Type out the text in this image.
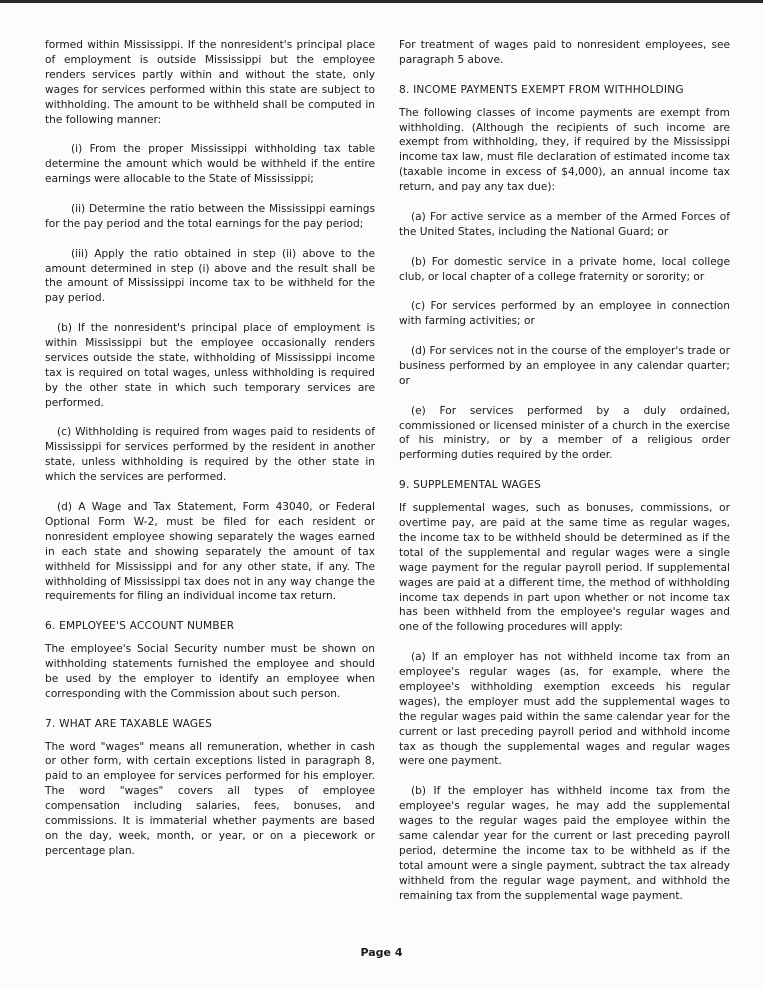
formed within Mississippi. If the nonresident's principal place of employment is outside Mississippi but the employee renders services partly within and without the state, only wages for services performed within this state are subject to withholding. The amount to be withheld shall be computed in the following manner:

(i) From the proper Mississippi withholding tax table determine the amount which would be withheld if the entire earnings were allocable to the State of Mississippi;

(ii) Determine the ratio between the Mississippi earnings for the pay period and the total earnings for the pay period;

(iii) Apply the ratio obtained in step (ii) above to the amount determined in step (i) above and the result shall be the amount of Mississippi income tax to be withheld for the pay period.

(b) If the nonresident's principal place of employment is within Mississippi but the employee occasionally renders services outside the state, withholding of Mississippi income tax is required on total wages, unless withholding is required by the other state in which such temporary services are performed.

(c) Withholding is required from wages paid to residents of Mississippi for services performed by the resident in another state, unless withholding is required by the other state in which the services are performed.

(d) A Wage and Tax Statement, Form 43040, or Federal Optional Form W-2, must be filed for each resident or nonresident employee showing separately the wages earned in each state and showing separately the amount of tax withheld for Mississippi and for any other state, if any. The withholding of Mississippi tax does not in any way change the requirements for filing an individual income tax return.

6. EMPLOYEE'S ACCOUNT NUMBER

The employee's Social Security number must be shown on withholding statements furnished the employee and should be used by the employer to identify an employee when corresponding with the Commission about such person.

7. WHAT ARE TAXABLE WAGES

The word "wages" means all remuneration, whether in cash or other form, with certain exceptions listed in paragraph 8, paid to an employee for services performed for his employer. The word "wages" covers all types of employee compensation including salaries, fees, bonuses, and commissions. It is immaterial whether payments are based on the day, week, month, or year, or on a piecework or percentage plan.

For treatment of wages paid to nonresident employees, see paragraph 5 above.

8. INCOME PAYMENTS EXEMPT FROM WITHHOLDING

The following classes of income payments are exempt from withholding. (Although the recipients of such income are exempt from withholding, they, if required by the Mississippi income tax law, must file declaration of estimated income tax (taxable income in excess of $4,000), an annual income tax return, and pay any tax due):

(a) For active service as a member of the Armed Forces of the United States, including the National Guard; or

(b) For domestic service in a private home, local college club, or local chapter of a college fraternity or sorority; or

(c) For services performed by an employee in connection with farming activities; or

(d) For services not in the course of the employer's trade or business performed by an employee in any calendar quarter; or

(e) For services performed by a duly ordained, commissioned or licensed minister of a church in the exercise of his ministry, or by a member of a religious order performing duties required by the order.

9. SUPPLEMENTAL WAGES

If supplemental wages, such as bonuses, commissions, or overtime pay, are paid at the same time as regular wages, the income tax to be withheld should be determined as if the total of the supplemental and regular wages were a single wage payment for the regular payroll period. If supplemental wages are paid at a different time, the method of withholding income tax depends in part upon whether or not income tax has been withheld from the employee's regular wages and one of the following procedures will apply:

(a) If an employer has not withheld income tax from an employee's regular wages (as, for example, where the employee's withholding exemption exceeds his regular wages), the employer must add the supplemental wages to the regular wages paid within the same calendar year for the current or last preceding payroll period and withhold income tax as though the supplemental wages and regular wages were one payment.

(b) If the employer has withheld income tax from the employee's regular wages, he may add the supplemental wages to the regular wages paid the employee within the same calendar year for the current or last preceding payroll period, determine the income tax to be withheld as if the total amount were a single payment, subtract the tax already withheld from the regular wage payment, and withhold the remaining tax from the supplemental wage payment.

Page 4
